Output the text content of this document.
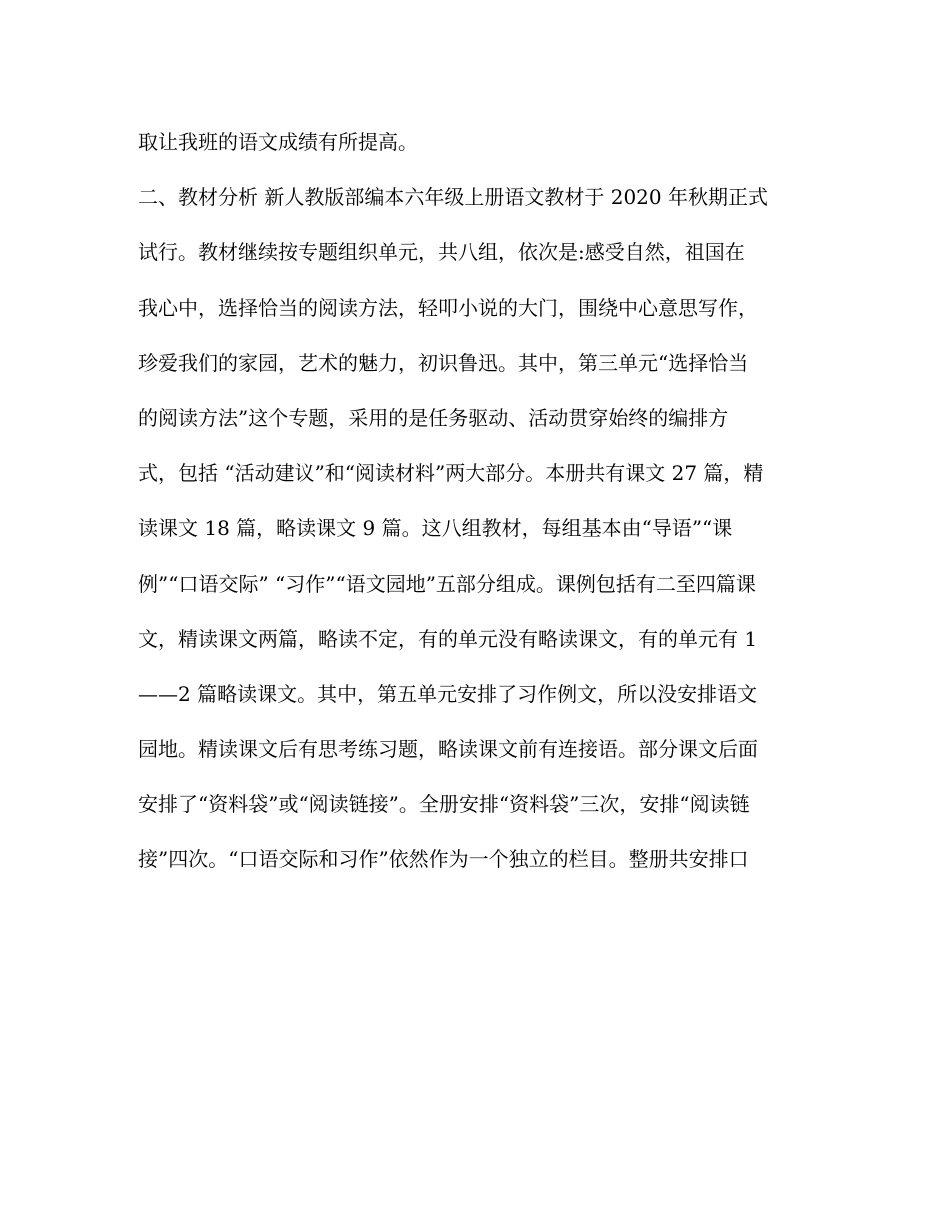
取让我班的语文成绩有所提高。
二、教材分析 新人教版部编本六年级上册语文教材于 2020 年秋期正式
试行。教材继续按专题组织单元，共八组，依次是:感受自然，祖国在
我心中，选择恰当的阅读方法，轻叩小说的大门，围绕中心意思写作，
珍爱我们的家园，艺术的魅力，初识鲁迅。其中，第三单元“选择恰当
的阅读方法”这个专题，采用的是任务驱动、活动贯穿始终的编排方
式，包括 “活动建议”和“阅读材料”两大部分。本册共有课文 27 篇，精
读课文 18 篇，略读课文 9 篇。这八组教材，每组基本由“导语”“课
例”“口语交际” “习作”“语文园地”五部分组成。课例包括有二至四篇课
文，精读课文两篇，略读不定，有的单元没有略读课文，有的单元有 1
——2 篇略读课文。其中，第五单元安排了习作例文，所以没安排语文
园地。精读课文后有思考练习题，略读课文前有连接语。部分课文后面
安排了“资料袋”或“阅读链接”。全册安排“资料袋”三次，安排“阅读链
接”四次。“口语交际和习作”依然作为一个独立的栏目。整册共安排口
